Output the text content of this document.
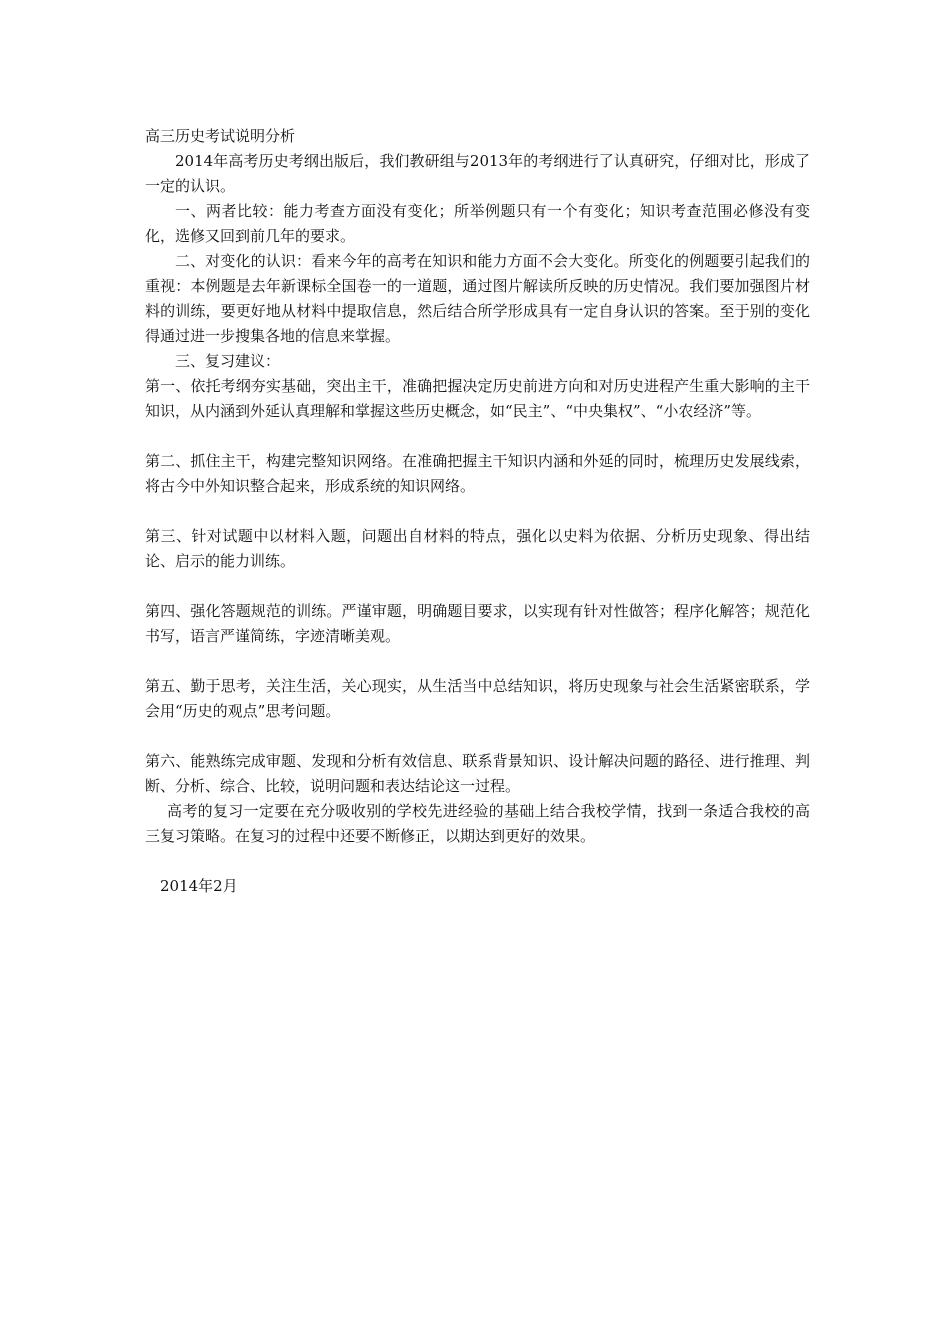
高三历史考试说明分析

2014年高考历史考纲出版后，我们教研组与2013年的考纲进行了认真研究，仔细对比，形成了一定的认识。

一、两者比较：能力考查方面没有变化；所举例题只有一个有变化；知识考查范围必修没有变化，选修又回到前几年的要求。

二、对变化的认识：看来今年的高考在知识和能力方面不会大变化。所变化的例题要引起我们的重视：本例题是去年新课标全国卷一的一道题，通过图片解读所反映的历史情况。我们要加强图片材料的训练，要更好地从材料中提取信息，然后结合所学形成具有一定自身认识的答案。至于别的变化得通过进一步搜集各地的信息来掌握。

三、复习建议：

第一、依托考纲夯实基础，突出主干，准确把握决定历史前进方向和对历史进程产生重大影响的主干知识，从内涵到外延认真理解和掌握这些历史概念，如“民主”、“中央集权”、“小农经济”等。

第二、抓住主干，构建完整知识网络。在准确把握主干知识内涵和外延的同时，梳理历史发展线索，将古今中外知识整合起来，形成系统的知识网络。

第三、针对试题中以材料入题，问题出自材料的特点，强化以史料为依据、分析历史现象、得出结论、启示的能力训练。

第四、强化答题规范的训练。严谨审题，明确题目要求，以实现有针对性做答；程序化解答；规范化书写，语言严谨简练，字迹清晰美观。

第五、勤于思考，关注生活，关心现实，从生活当中总结知识，将历史现象与社会生活紧密联系，学会用“历史的观点”思考问题。

第六、能熟练完成审题、发现和分析有效信息、联系背景知识、设计解决问题的路径、进行推理、判断、分析、综合、比较，说明问题和表达结论这一过程。

高考的复习一定要在充分吸收别的学校先进经验的基础上结合我校学情，找到一条适合我校的高三复习策略。在复习的过程中还要不断修正，以期达到更好的效果。

2014年2月
